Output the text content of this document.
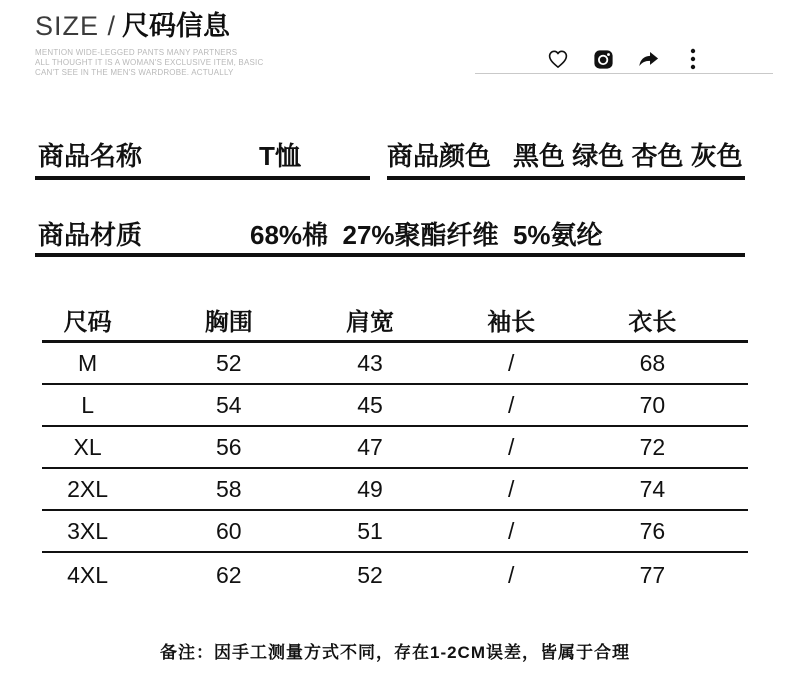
SIZE / 尺码信息
MENTION WIDE-LEGGED PANTS MANY PARTNERS
ALL THOUGHT IT IS A WOMAN'S EXCLUSIVE ITEM, BASIC
CAN'T SEE IN THE MEN'S WARDROBE. ACTUALLY
商品名称	T恤	商品颜色 黑色 绿色 杏色 灰色
商品材质	68%棉  27%聚酯纤维  5%氨纶
尺码	胸围	肩宽	袖长	衣长
M	52	43	/	68
L	54	45	/	70
XL	56	47	/	72
2XL	58	49	/	74
3XL	60	51	/	76
4XL	62	52	/	77
备注：因手工测量方式不同，存在1-2CM误差，皆属于合理
